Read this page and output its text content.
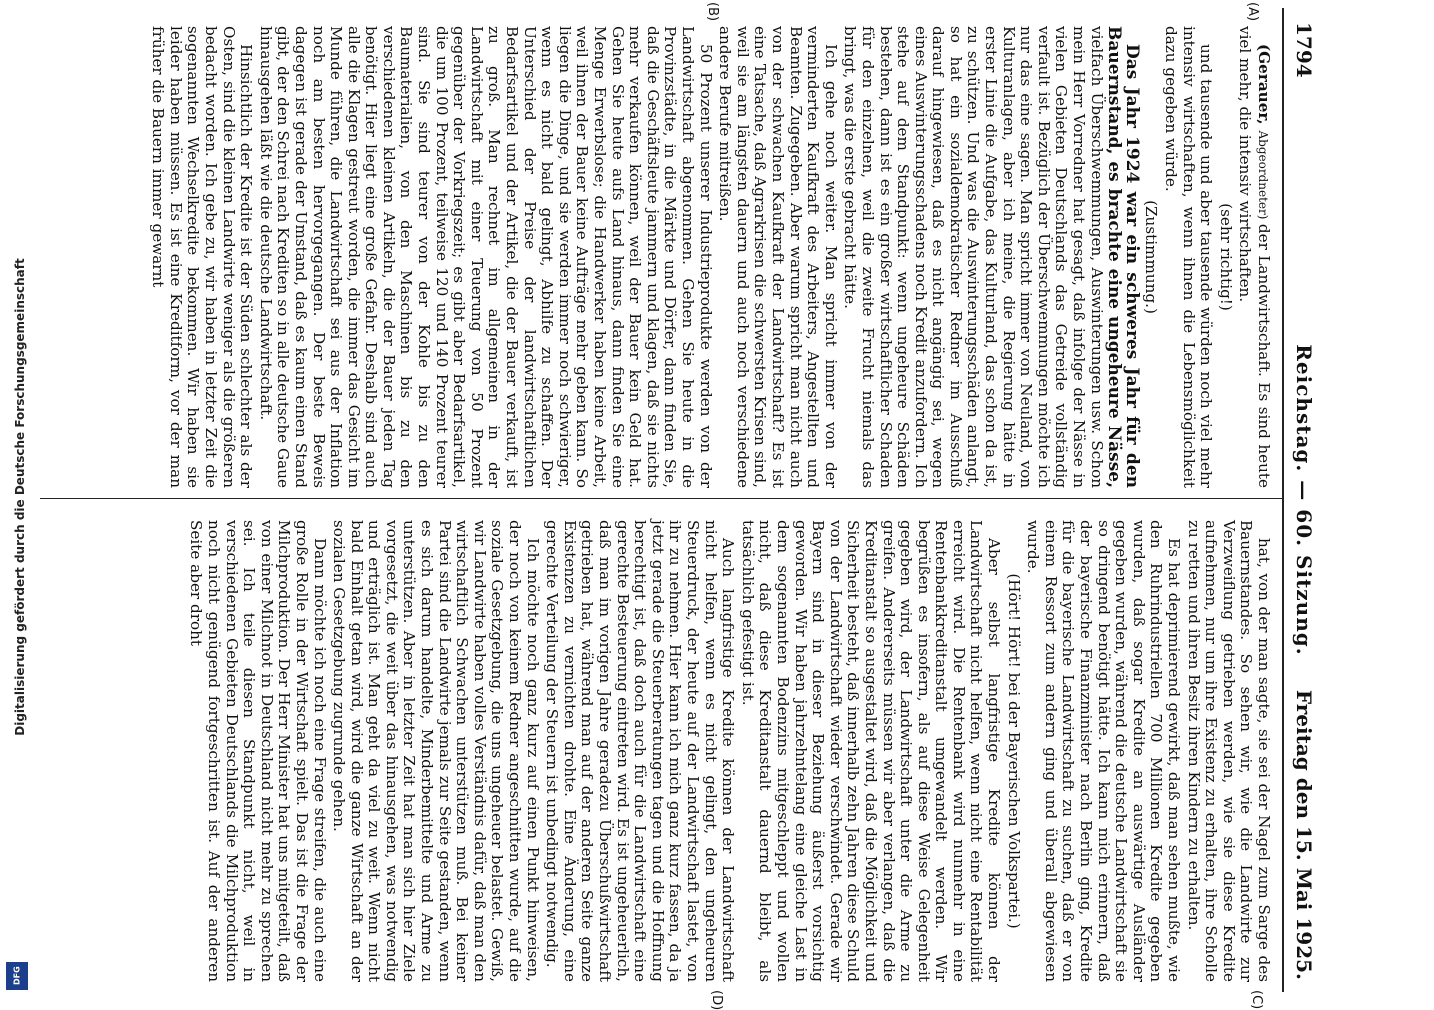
1794
Reichstag. — 60. Sitzung.
Freitag den 15. Mai 1925.
(A)
(B)
(C)
(D)

(Gerauer, Abgeordneter) der Landwirtschaft. Es sind heute viel mehr, die intensiv wirtschaften.

(sehr richtig!)

und tausende und aber tausende würden noch viel mehr intensiv wirtschaften, wenn ihnen die Lebensmöglichkeit dazu gegeben würde.

(Zustimmung.)

Das Jahr 1924 war ein schweres Jahr für den Bauernstand, es brachte eine ungeheure Nässe, vielfach Überschwemmungen, Auswinterungen usw. Schon mein Herr Vorredner hat gesagt, daß infolge der Nässe in vielen Gebieten Deutschlands das Getreide vollständig verfault ist. Bezüglich der Überschwemmungen möchte ich nur das eine sagen. Man spricht immer von Neuland, von Kulturanlagen, aber ich meine, die Regierung hätte in erster Linie die Aufgabe, das Kulturland, das schon da ist, zu schützen. Und was die Auswinterungsschäden anlangt, so hat ein sozialdemokratischer Redner im Ausschuß darauf hingewiesen, daß es nicht angängig sei, wegen eines Auswinterungsschadens noch Kredit anzufordern. Ich stehe auf dem Standpunkt: wenn ungeheure Schäden bestehen, dann ist es ein großer wirtschaftlicher Schaden für den einzelnen, weil die zweite Frucht niemals das bringt, was die erste gebracht hätte.

Ich gehe noch weiter. Man spricht immer von der verminderten Kaufkraft des Arbeiters, Angestellten und Beamten. Zugegeben. Aber warum spricht man nicht auch von der schwachen Kaufkraft der Landwirtschaft? Es ist eine Tatsache, daß Agrarkrisen die schwersten Krisen sind, weil sie am längsten dauern und auch noch verschiedene andere Berufe mitreißen.

50 Prozent unserer Industrieprodukte werden von der Landwirtschaft abgenommen. Gehen Sie heute in die Provinzstädte, in die Märkte und Dörfer, dann finden Sie, daß die Geschäftsleute jammern und klagen, daß sie nichts mehr verkaufen können, weil der Bauer kein Geld hat. Gehen Sie heute aufs Land hinaus, dann finden Sie eine Menge Erwerbslose; die Handwerker haben keine Arbeit, weil ihnen der Bauer keine Aufträge mehr geben kann. So liegen die Dinge, und sie werden immer noch schwieriger, wenn es nicht bald gelingt, Abhilfe zu schaffen. Der Unterschied der Preise der landwirtschaftlichen Bedarfsartikel und der Artikel, die der Bauer verkauft, ist zu groß. Man rechnet im allgemeinen in der Landwirtschaft mit einer Teuerung von 50 Prozent gegenüber der Vorkriegszeit; es gibt aber Bedarfsartikel, die um 100 Prozent, teilweise 120 und 140 Prozent teurer sind. Sie sind teurer von der Kohle bis zu den Baumaterialien, von den Maschinen bis zu den verschiedenen kleinen Artikeln, die der Bauer jeden Tag benötigt. Hier liegt eine große Gefahr. Deshalb sind auch alle die Klagen gestreut worden, die immer das Gesicht im Munde führen, die Landwirtschaft sei aus der Inflation noch am besten hervorgegangen. Der beste Beweis dagegen ist gerade der Umstand, daß es kaum einen Stand gibt, der den Schrei nach Krediten so in alle deutsche Gaue hinausgehen läßt wie die deutsche Landwirtschaft.

Hinsichtlich der Kredite ist der Süden schlechter als der Osten, sind die kleinen Landwirte weniger als die größeren bedacht worden. Ich gebe zu, wir haben in letzter Zeit die sogenannten Wechselkredite bekommen. Wir haben sie leider haben müssen. Es ist eine Kreditform, vor der man früher die Bauern immer gewarnt

hat, von der man sagte, sie sei der Nagel zum Sarge des Bauernstandes. So sehen wir, wie die Landwirte zur Verzweiflung getrieben werden, wie sie diese Kredite aufnehmen, nur um ihre Existenz zu erhalten, ihre Scholle zu retten und ihren Besitz ihren Kindern zu erhalten.

Es hat deprimierend gewirkt, daß man sehen mußte, wie den Ruhrindustriellen 700 Millionen Kredite gegeben wurden, daß sogar Kredite an auswärtige Ausländer gegeben wurden, während die deutsche Landwirtschaft sie so dringend benötigt hätte. Ich kann mich erinnern, daß der bayerische Finanzminister nach Berlin ging, Kredite für die bayerische Landwirtschaft zu suchen, daß er von einem Ressort zum andern ging und überall abgewiesen wurde.

(Hört! Hört! bei der Bayerischen Volkspartei.)

Aber selbst langfristige Kredite können der Landwirtschaft nicht helfen, wenn nicht eine Rentabilität erreicht wird. Die Rentenbank wird nunmehr in eine Rentenbankkreditanstalt umgewandelt werden. Wir begrüßen es insofern, als auf diese Weise Gelegenheit gegeben wird, der Landwirtschaft unter die Arme zu greifen. Andererseits müssen wir aber verlangen, daß die Kreditanstalt so ausgestaltet wird, daß die Möglichkeit und Sicherheit besteht, daß innerhalb zehn Jahren diese Schuld von der Landwirtschaft wieder verschwindet. Gerade wir Bayern sind in dieser Beziehung äußerst vorsichtig geworden. Wir haben jahrzehntelang eine gleiche Last in dem sogenannten Bodenzins mitgeschleppt und wollen nicht, daß diese Kreditanstalt dauernd bleibt, als tatsächlich gefestigt ist.

Auch langfristige Kredite können der Landwirtschaft nicht helfen, wenn es nicht gelingt, den ungeheuren Steuerdruck, der heute auf der Landwirtschaft lastet, von ihr zu nehmen. Hier kann ich mich ganz kurz fassen, da ja jetzt gerade die Steuerberatungen tagen und die Hoffnung berechtigt ist, daß doch auch für die Landwirtschaft eine gerechte Besteuerung eintreten wird. Es ist ungeheuerlich, daß man im vorigen Jahre geradezu Überschußwirtschaft getrieben hat, während man auf der anderen Seite ganze Existenzen zu vernichten drohte. Eine Änderung, eine gerechte Verteilung der Steuern ist unbedingt notwendig.

Ich möchte noch ganz kurz auf einen Punkt hinweisen, der noch von keinem Redner angeschnitten wurde, auf die soziale Gesetzgebung, die uns ungeheuer belastet. Gewiß, wir Landwirte haben volles Verständnis dafür, daß man den wirtschaftlich Schwachen unterstützen muß. Bei keiner Partei sind die Landwirte jemals zur Seite gestanden, wenn es sich darum handelte, Minderbemittelte und Arme zu unterstützen. Aber in letzter Zeit hat man sich hier Ziele vorgesetzt, die weit über das hinausgehen, was notwendig und erträglich ist. Man geht da viel zu weit. Wenn nicht bald Einhalt getan wird, wird die ganze Wirtschaft an der sozialen Gesetzgebung zugrunde gehen.

Dann möchte ich noch eine Frage streifen, die auch eine große Rolle in der Wirtschaft spielt. Das ist die Frage der Milchproduktion. Der Herr Minister hat uns mitgeteilt, daß von einer Milchnot in Deutschland nicht mehr zu sprechen sei. Ich teile diesen Standpunkt nicht, weil in verschiedenen Gebieten Deutschlands die Milchproduktion noch nicht genügend fortgeschritten ist. Auf der anderen Seite aber droht

Digitalisierung gefördert durch die Deutsche Forschungsgemeinschaft
DFG
